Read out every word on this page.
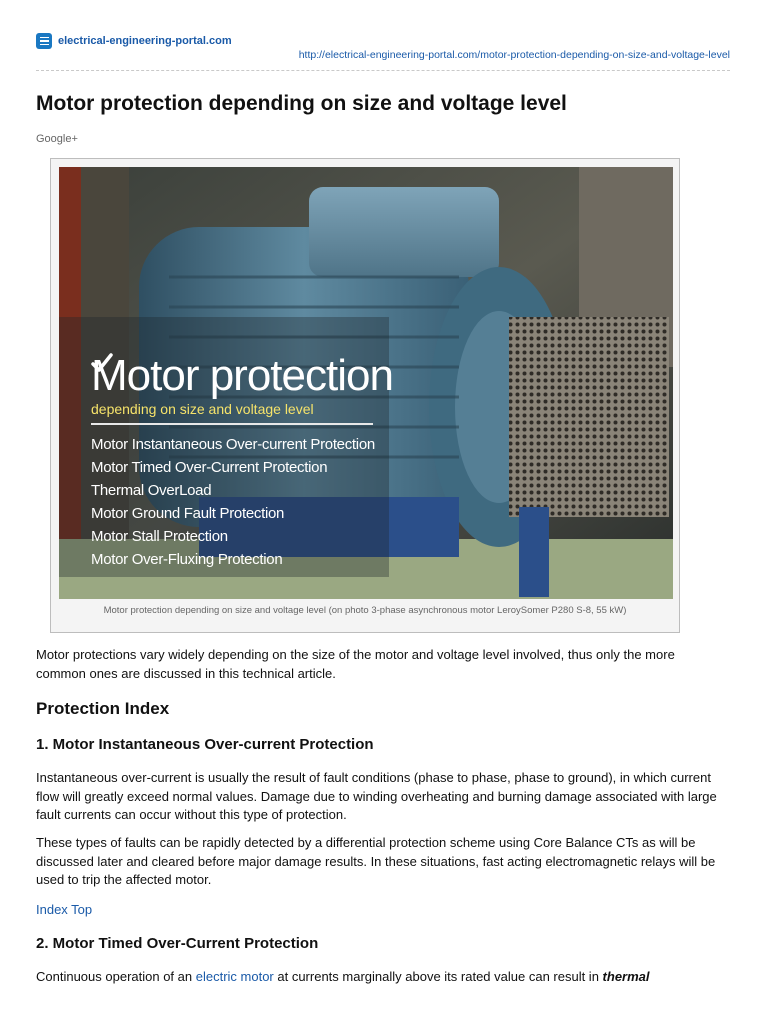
electrical-engineering-portal.com
http://electrical-engineering-portal.com/motor-protection-depending-on-size-and-voltage-level
Motor protection depending on size and voltage level
Google+
Motor protection
depending on size and voltage level
Motor Instantaneous Over-current Protection
Motor Timed Over-Current Protection
Thermal OverLoad
Motor Ground Fault Protection
Motor Stall Protection
Motor Over-Fluxing Protection
Motor protection depending on size and voltage level (on photo 3-phase asynchronous motor LeroySomer P280 S-8, 55 kW)
Motor protections vary widely depending on the size of the motor and voltage level involved, thus only the more common ones are discussed in this technical article.
Protection Index
1. Motor Instantaneous Over-current Protection
Instantaneous over-current is usually the result of fault conditions (phase to phase, phase to ground), in which current flow will greatly exceed normal values. Damage due to winding overheating and burning damage associated with large fault currents can occur without this type of protection.
These types of faults can be rapidly detected by a differential protection scheme using Core Balance CTs as will be discussed later and cleared before major damage results. In these situations, fast acting electromagnetic relays will be used to trip the affected motor.
Index Top
2. Motor Timed Over-Current Protection
Continuous operation of an electric motor at currents marginally above its rated value can result in thermal
